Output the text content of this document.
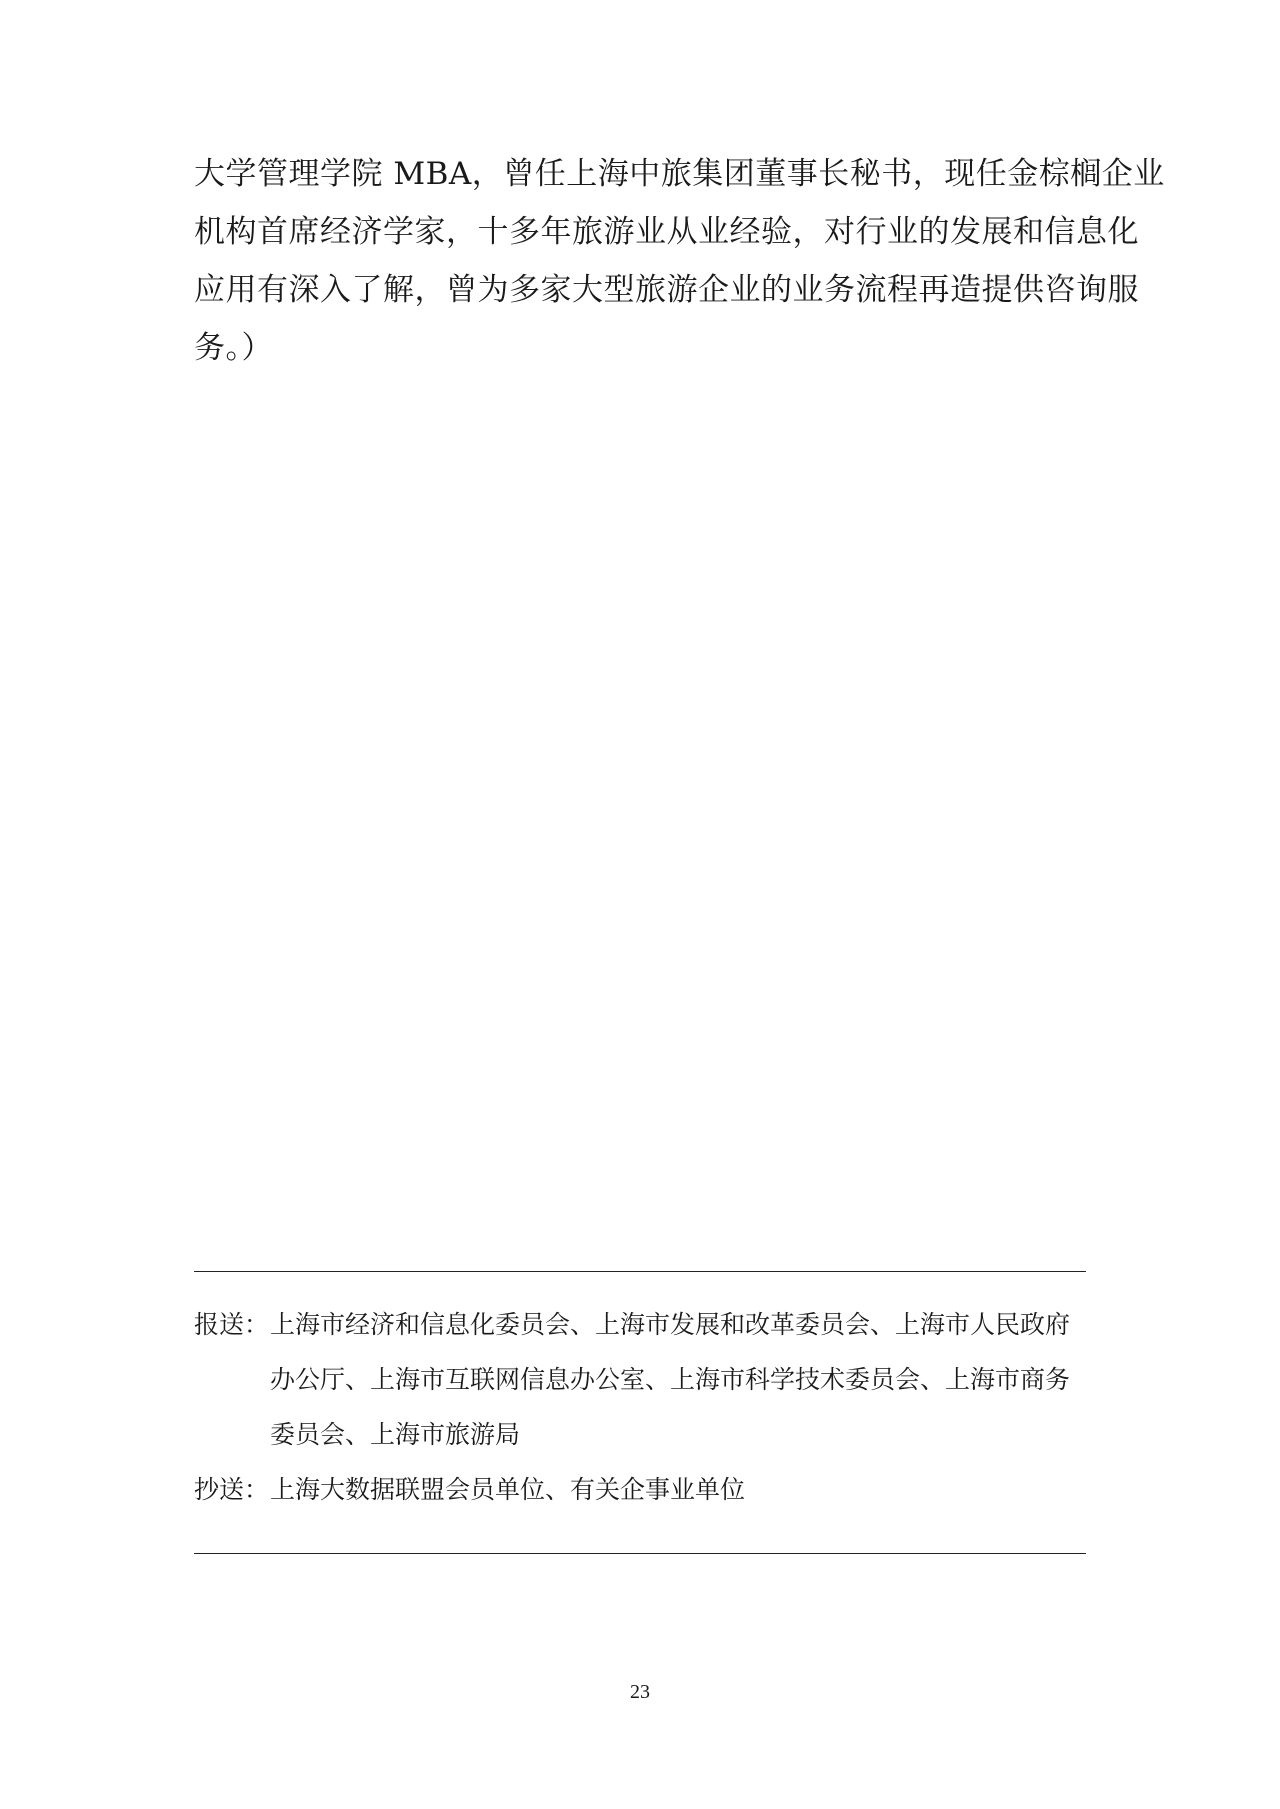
大学管理学院 MBA，曾任上海中旅集团董事长秘书，现任金棕榈企业
机构首席经济学家，十多年旅游业从业经验，对行业的发展和信息化
应用有深入了解，曾为多家大型旅游企业的业务流程再造提供咨询服
务。）
报送：上海市经济和信息化委员会、上海市发展和改革委员会、上海市人民政府
办公厅、上海市互联网信息办公室、上海市科学技术委员会、上海市商务
委员会、上海市旅游局
抄送：上海大数据联盟会员单位、有关企事业单位
23
